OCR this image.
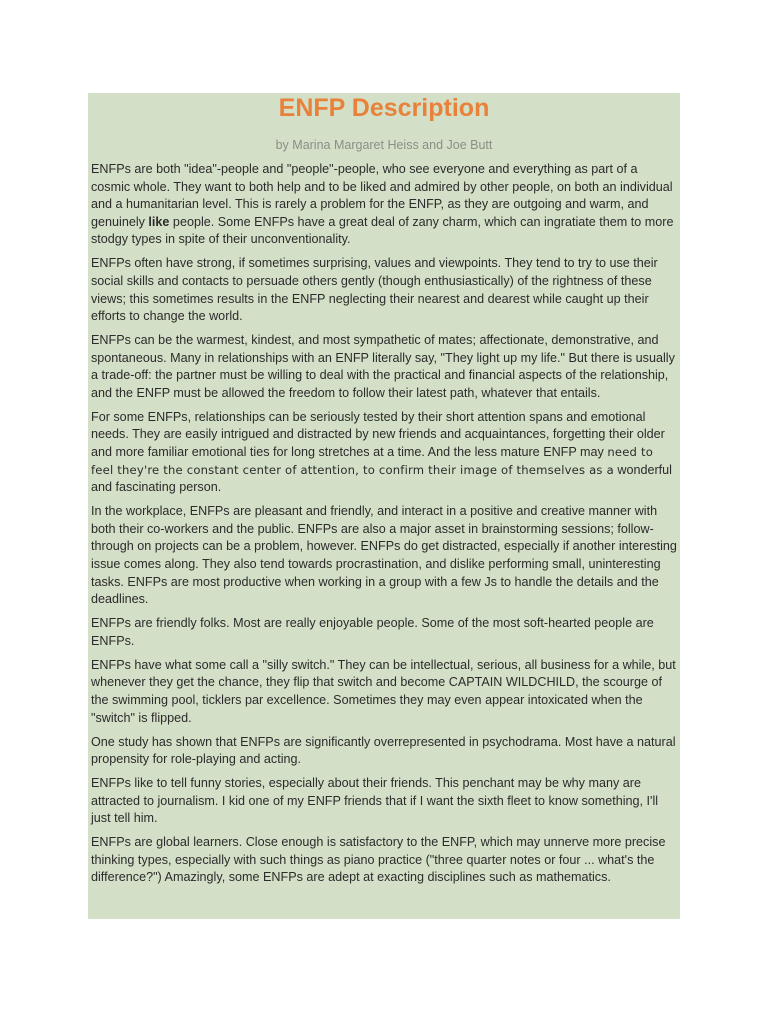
ENFP Description
by Marina Margaret Heiss and Joe Butt

ENFPs are both "idea"-people and "people"-people, who see everyone and everything as part of a cosmic whole. They want to both help and to be liked and admired by other people, on both an individual and a humanitarian level. This is rarely a problem for the ENFP, as they are outgoing and warm, and genuinely like people. Some ENFPs have a great deal of zany charm, which can ingratiate them to more stodgy types in spite of their unconventionality.

ENFPs often have strong, if sometimes surprising, values and viewpoints. They tend to try to use their social skills and contacts to persuade others gently (though enthusiastically) of the rightness of these views; this sometimes results in the ENFP neglecting their nearest and dearest while caught up their efforts to change the world.

ENFPs can be the warmest, kindest, and most sympathetic of mates; affectionate, demonstrative, and spontaneous. Many in relationships with an ENFP literally say, "They light up my life." But there is usually a trade-off: the partner must be willing to deal with the practical and financial aspects of the relationship, and the ENFP must be allowed the freedom to follow their latest path, whatever that entails.

For some ENFPs, relationships can be seriously tested by their short attention spans and emotional needs. They are easily intrigued and distracted by new friends and acquaintances, forgetting their older and more familiar emotional ties for long stretches at a time. And the less mature ENFP may need to feel they're the constant center of attention, to confirm their image of themselves as a wonderful and fascinating person.

In the workplace, ENFPs are pleasant and friendly, and interact in a positive and creative manner with both their co-workers and the public. ENFPs are also a major asset in brainstorming sessions; follow-through on projects can be a problem, however. ENFPs do get distracted, especially if another interesting issue comes along. They also tend towards procrastination, and dislike performing small, uninteresting tasks. ENFPs are most productive when working in a group with a few Js to handle the details and the deadlines.

ENFPs are friendly folks. Most are really enjoyable people. Some of the most soft-hearted people are ENFPs.

ENFPs have what some call a "silly switch." They can be intellectual, serious, all business for a while, but whenever they get the chance, they flip that switch and become CAPTAIN WILDCHILD, the scourge of the swimming pool, ticklers par excellence. Sometimes they may even appear intoxicated when the "switch" is flipped.

One study has shown that ENFPs are significantly overrepresented in psychodrama. Most have a natural propensity for role-playing and acting.

ENFPs like to tell funny stories, especially about their friends. This penchant may be why many are attracted to journalism. I kid one of my ENFP friends that if I want the sixth fleet to know something, I'll just tell him.

ENFPs are global learners. Close enough is satisfactory to the ENFP, which may unnerve more precise thinking types, especially with such things as piano practice ("three quarter notes or four ... what's the difference?") Amazingly, some ENFPs are adept at exacting disciplines such as mathematics.
